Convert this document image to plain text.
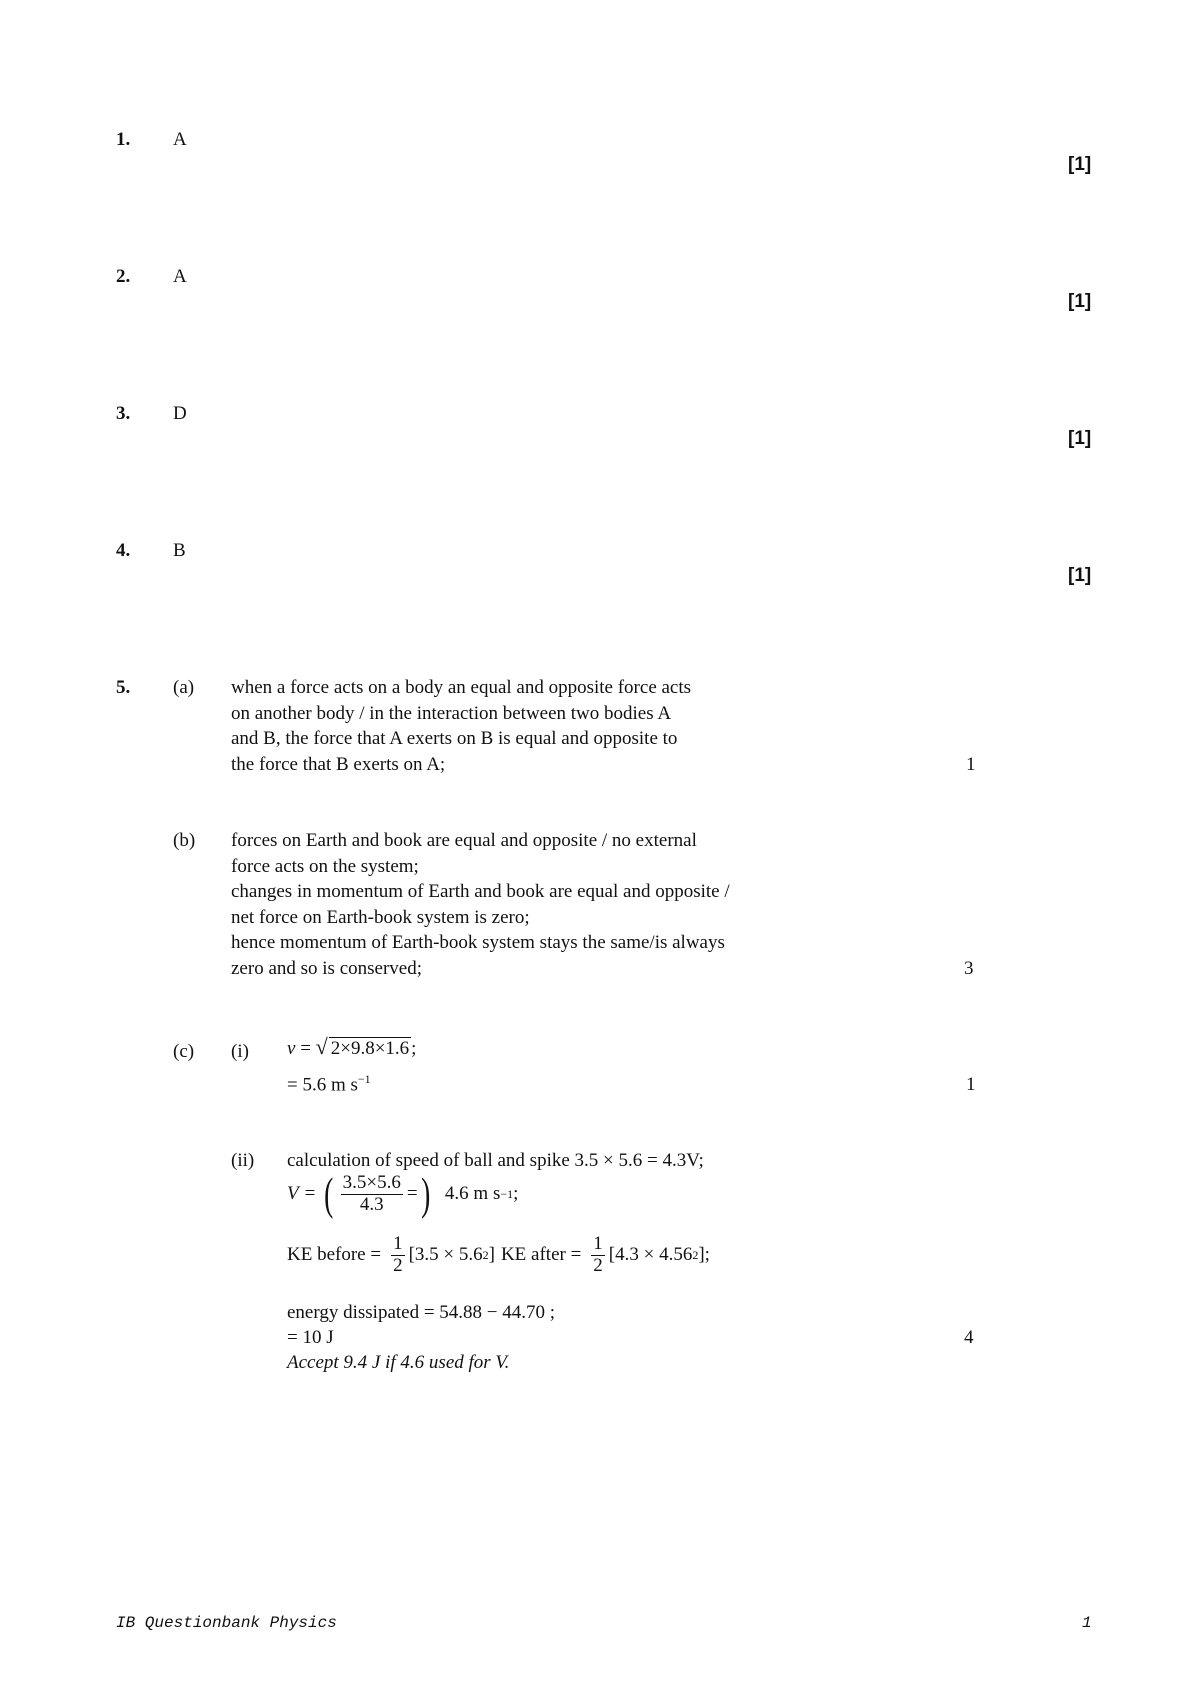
1. A
[1]
2. A
[1]
3. D
[1]
4. B
[1]
5. (a) when a force acts on a body an equal and opposite force acts
on another body / in the interaction between two bodies A
and B, the force that A exerts on B is equal and opposite to
the force that B exerts on A;	1
(b) forces on Earth and book are equal and opposite / no external
force acts on the system;
changes in momentum of Earth and book are equal and opposite /
net force on Earth-book system is zero;
hence momentum of Earth-book system stays the same/is always
zero and so is conserved;	3
(c) (i) v = √ 2×9.8×1.6 ;
= 5.6 m $s^{-1}$	1
(ii) calculation of speed of ball and spike 3.5 × 5.6 = 4.3V;
V = ( $\frac{3.5\times 5.6}{4.3}$ = ) 4.6 m s −1 ;
KE before = $\frac{1}{2} [3.5 \times 5.6$ 2 ] KE after = $\frac{1}{2} [4.3 \times 4.56$ 2 ];
energy dissipated = 54.88 − 44.70 ;
= 10 J
Accept 9.4 J if 4.6 used for V.
4
IB Questionbank Physics	1
